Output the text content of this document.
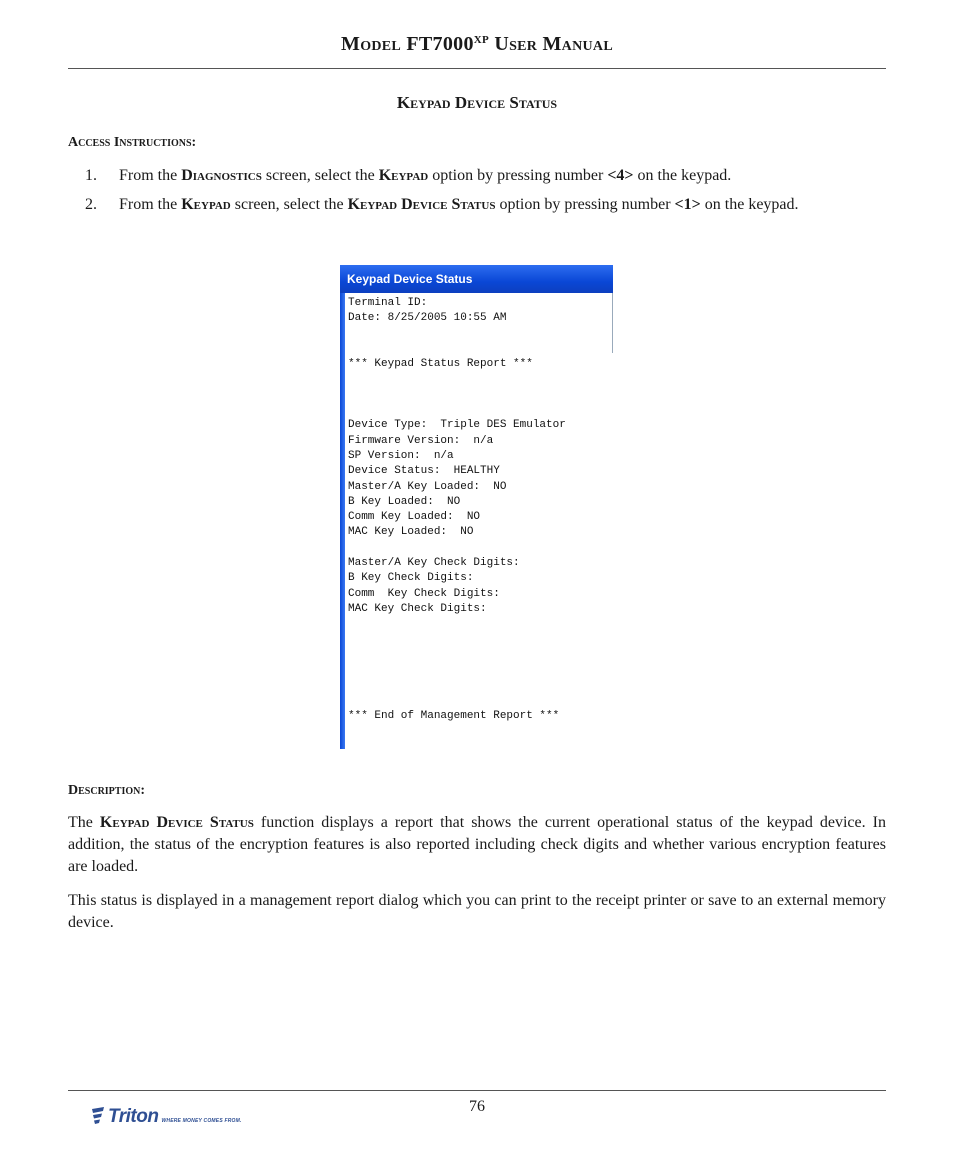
Model $FT7000^{XP}$ User Manual
Keypad Device Status
Access Instructions:
1. From the Diagnostics screen, select the Keypad option by pressing number <4> on the keypad.
2. From the Keypad screen, select the Keypad Device Status option by pressing number <1> on the keypad.
Keypad Device Status
Terminal ID:
Date: 8/25/2005 10:55 AM
*** Keypad Status Report ***
Device Type:  Triple DES Emulator
Firmware Version:  n/a
SP Version:  n/a
Device Status:  HEALTHY
Master/A Key Loaded:  NO
B Key Loaded:  NO
Comm Key Loaded:  NO
MAC Key Loaded:  NO
Master/A Key Check Digits:
B Key Check Digits:
Comm  Key Check Digits:
MAC Key Check Digits:
*** End of Management Report ***
Description:
The Keypad Device Status function displays a report that shows the current operational status of the keypad device. In addition, the status of the encryption features is also reported including check digits and whether various encryption features are loaded.
This status is displayed in a management report dialog which you can print to the receipt printer or save to an external memory device.
76
Triton WHERE MONEY COMES FROM.
